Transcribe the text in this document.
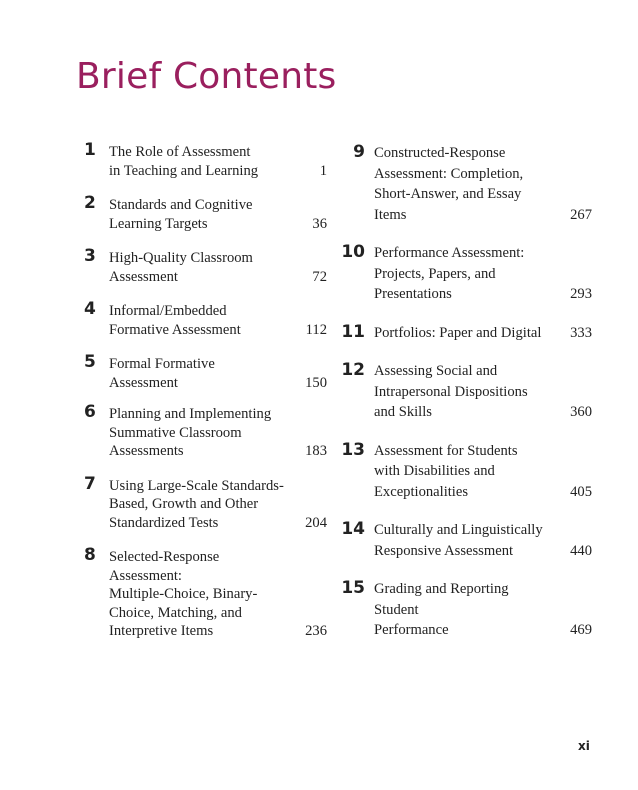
Brief Contents
1 The Role of Assessment
in Teaching and Learning	1
2 Standards and Cognitive
Learning Targets	36
3 High-Quality Classroom
Assessment	72
4 Informal/Embedded
Formative Assessment	112
5 Formal Formative
Assessment	150
6 Planning and Implementing
Summative Classroom
Assessments	183
7 Using Large-Scale Standards-
Based, Growth and Other
Standardized Tests	204
8 Selected-Response Assessment:
Multiple-Choice, Binary-
Choice, Matching, and
Interpretive Items	236
9 Constructed-Response
Assessment: Completion,
Short-Answer, and Essay
Items	267
10 Performance Assessment:
Projects, Papers, and
Presentations	293
11 Portfolios: Paper and Digital	333
12 Assessing Social and
Intrapersonal Dispositions
and Skills	360
13 Assessment for Students
with Disabilities and
Exceptionalities	405
14 Culturally and Linguistically
Responsive Assessment	440
15 Grading and Reporting Student
Performance	469
xi
